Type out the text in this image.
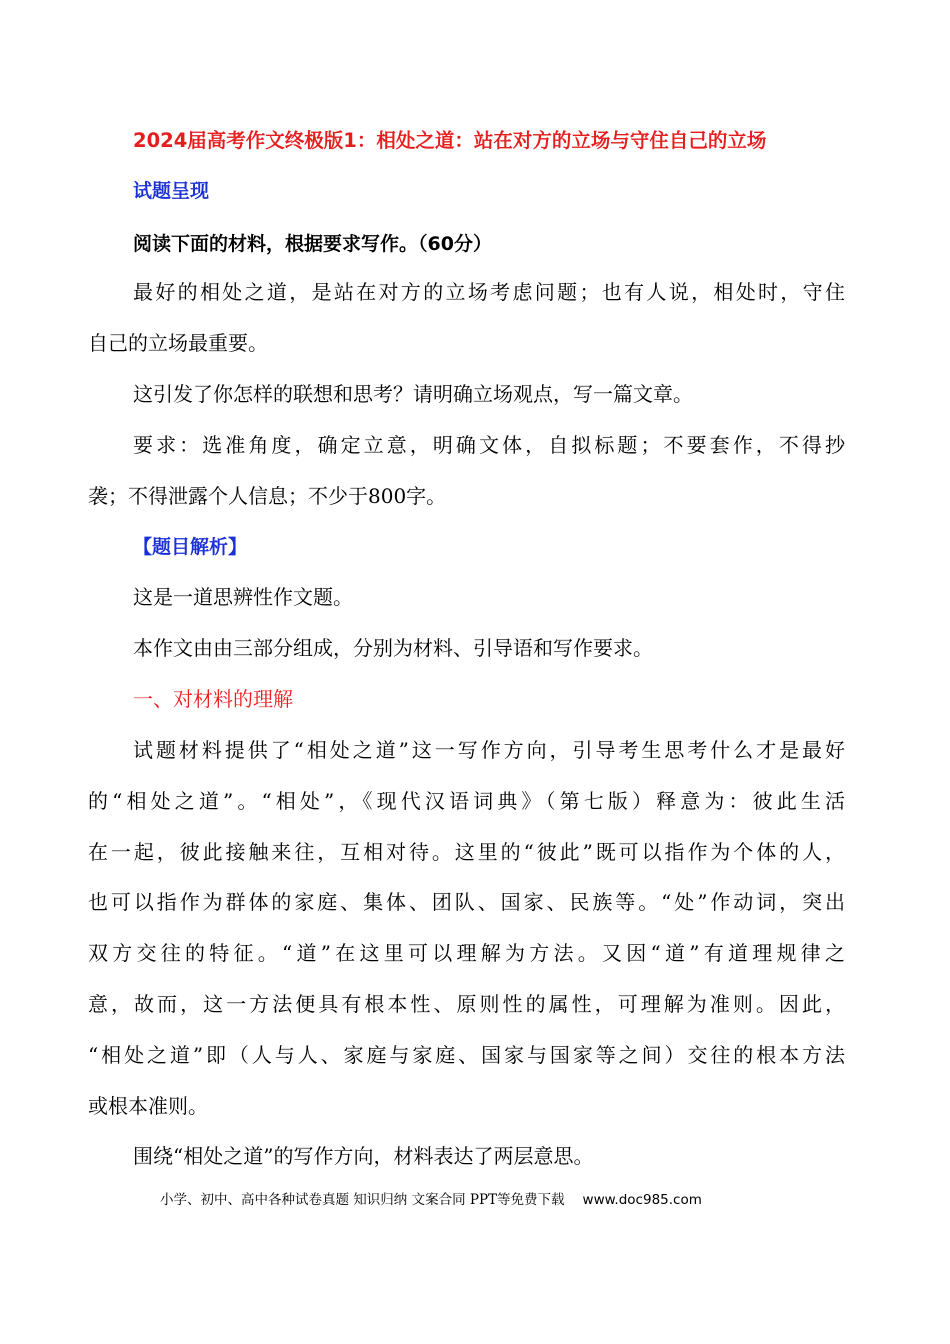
2024届高考作文终极版1：相处之道：站在对方的立场与守住自己的立场
试题呈现
阅读下面的材料，根据要求写作。（60分）
最好的相处之道，是站在对方的立场考虑问题；也有人说，相处时，守住
自己的立场最重要。
这引发了你怎样的联想和思考？请明确立场观点，写一篇文章。
要求：选准角度，确定立意，明确文体，自拟标题；不要套作，不得抄
袭；不得泄露个人信息；不少于800字。
【题目解析】
这是一道思辨性作文题。
本作文由由三部分组成，分别为材料、引导语和写作要求。
一、对材料的理解
试题材料提供了“相处之道”这一写作方向，引导考生思考什么才是最好
的“相处之道”。“相处”，《现代汉语词典》（第七版）释意为：彼此生活
在一起，彼此接触来往，互相对待。这里的“彼此”既可以指作为个体的人，
也可以指作为群体的家庭、集体、团队、国家、民族等。“处”作动词，突出
双方交往的特征。“道”在这里可以理解为方法。又因“道”有道理规律之
意，故而，这一方法便具有根本性、原则性的属性，可理解为准则。因此，
“相处之道”即（人与人、家庭与家庭、国家与国家等之间）交往的根本方法
或根本准则。
围绕“相处之道”的写作方向，材料表达了两层意思。
小学、初中、高中各种试卷真题 知识归纳 文案合同 PPT等免费下载 www.doc985.com
